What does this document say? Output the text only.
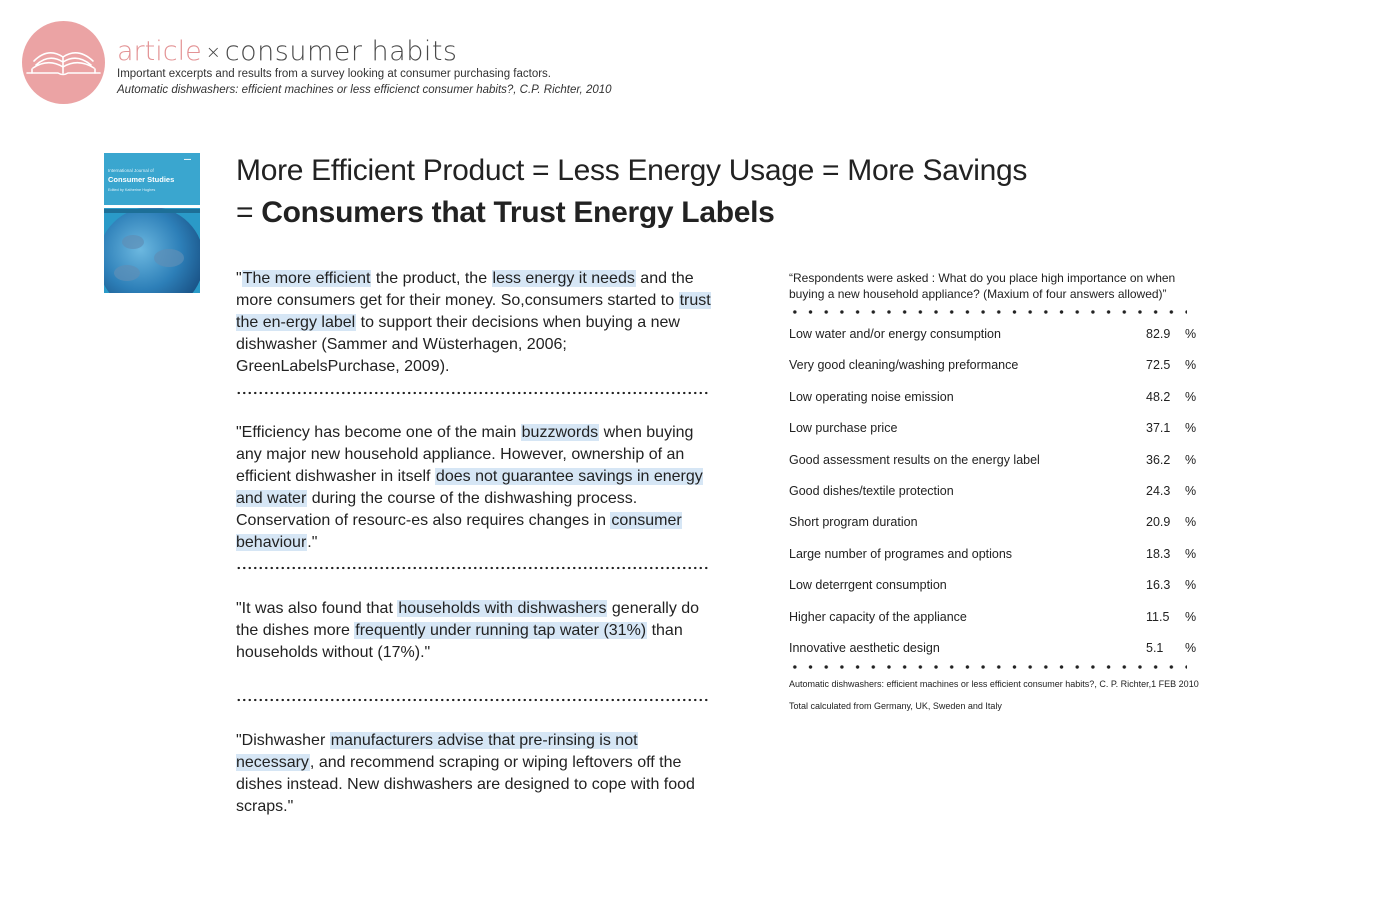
article × consumer habits
Important excerpts and results from a survey looking at consumer purchasing factors.
Automatic dishwashers: efficient machines or less efficienct consumer habits?, C.P. Richter, 2010
▬▬
International Journal of
Consumer Studies
Edited by Katherine Hughes
More Efficient Product = Less Energy Usage = More Savings
= Consumers that Trust Energy Labels

"The more efficient the product, the less energy it needs and the more consumers get for their money. So,consumers started to trust the en-ergy label to support their decisions when buying a new dishwasher (Sammer and Wüsterhagen, 2006; GreenLabelsPurchase, 2009).

"Efficiency has become one of the main buzzwords when buying any major new household appliance. However, ownership of an efficient dishwasher in itself does not guarantee savings in energy and water during the course of the dishwashing process. Conservation of resourc-es also requires changes in consumer behaviour."

"It was also found that households with dishwashers generally do the dishes more frequently under running tap water (31%) than households without (17%)."

"Dishwasher manufacturers advise that pre-rinsing is not necessary, and recommend scraping or wiping leftovers off the dishes instead. New dishwashers are designed to cope with food scraps."

“Respondents were asked : What do you place high importance on when buying a new household appliance? (Maxium of four answers allowed)”
Low water and/or energy consumption	82.9 %
Very good cleaning/washing preformance	72.5 %
Low operating noise emission	48.2 %
Low purchase price	37.1 %
Good assessment results on the energy label	36.2 %
Good dishes/textile protection	24.3 %
Short program duration	20.9 %
Large number of programes and options	18.3 %
Low deterrgent consumption	16.3 %
Higher capacity of the appliance	11.5 %
Innovative aesthetic design	5.1	%
Automatic dishwashers: efficient machines or less efficient consumer habits?, C. P. Richter,1 FEB 2010
Total calculated from Germany, UK, Sweden and Italy
